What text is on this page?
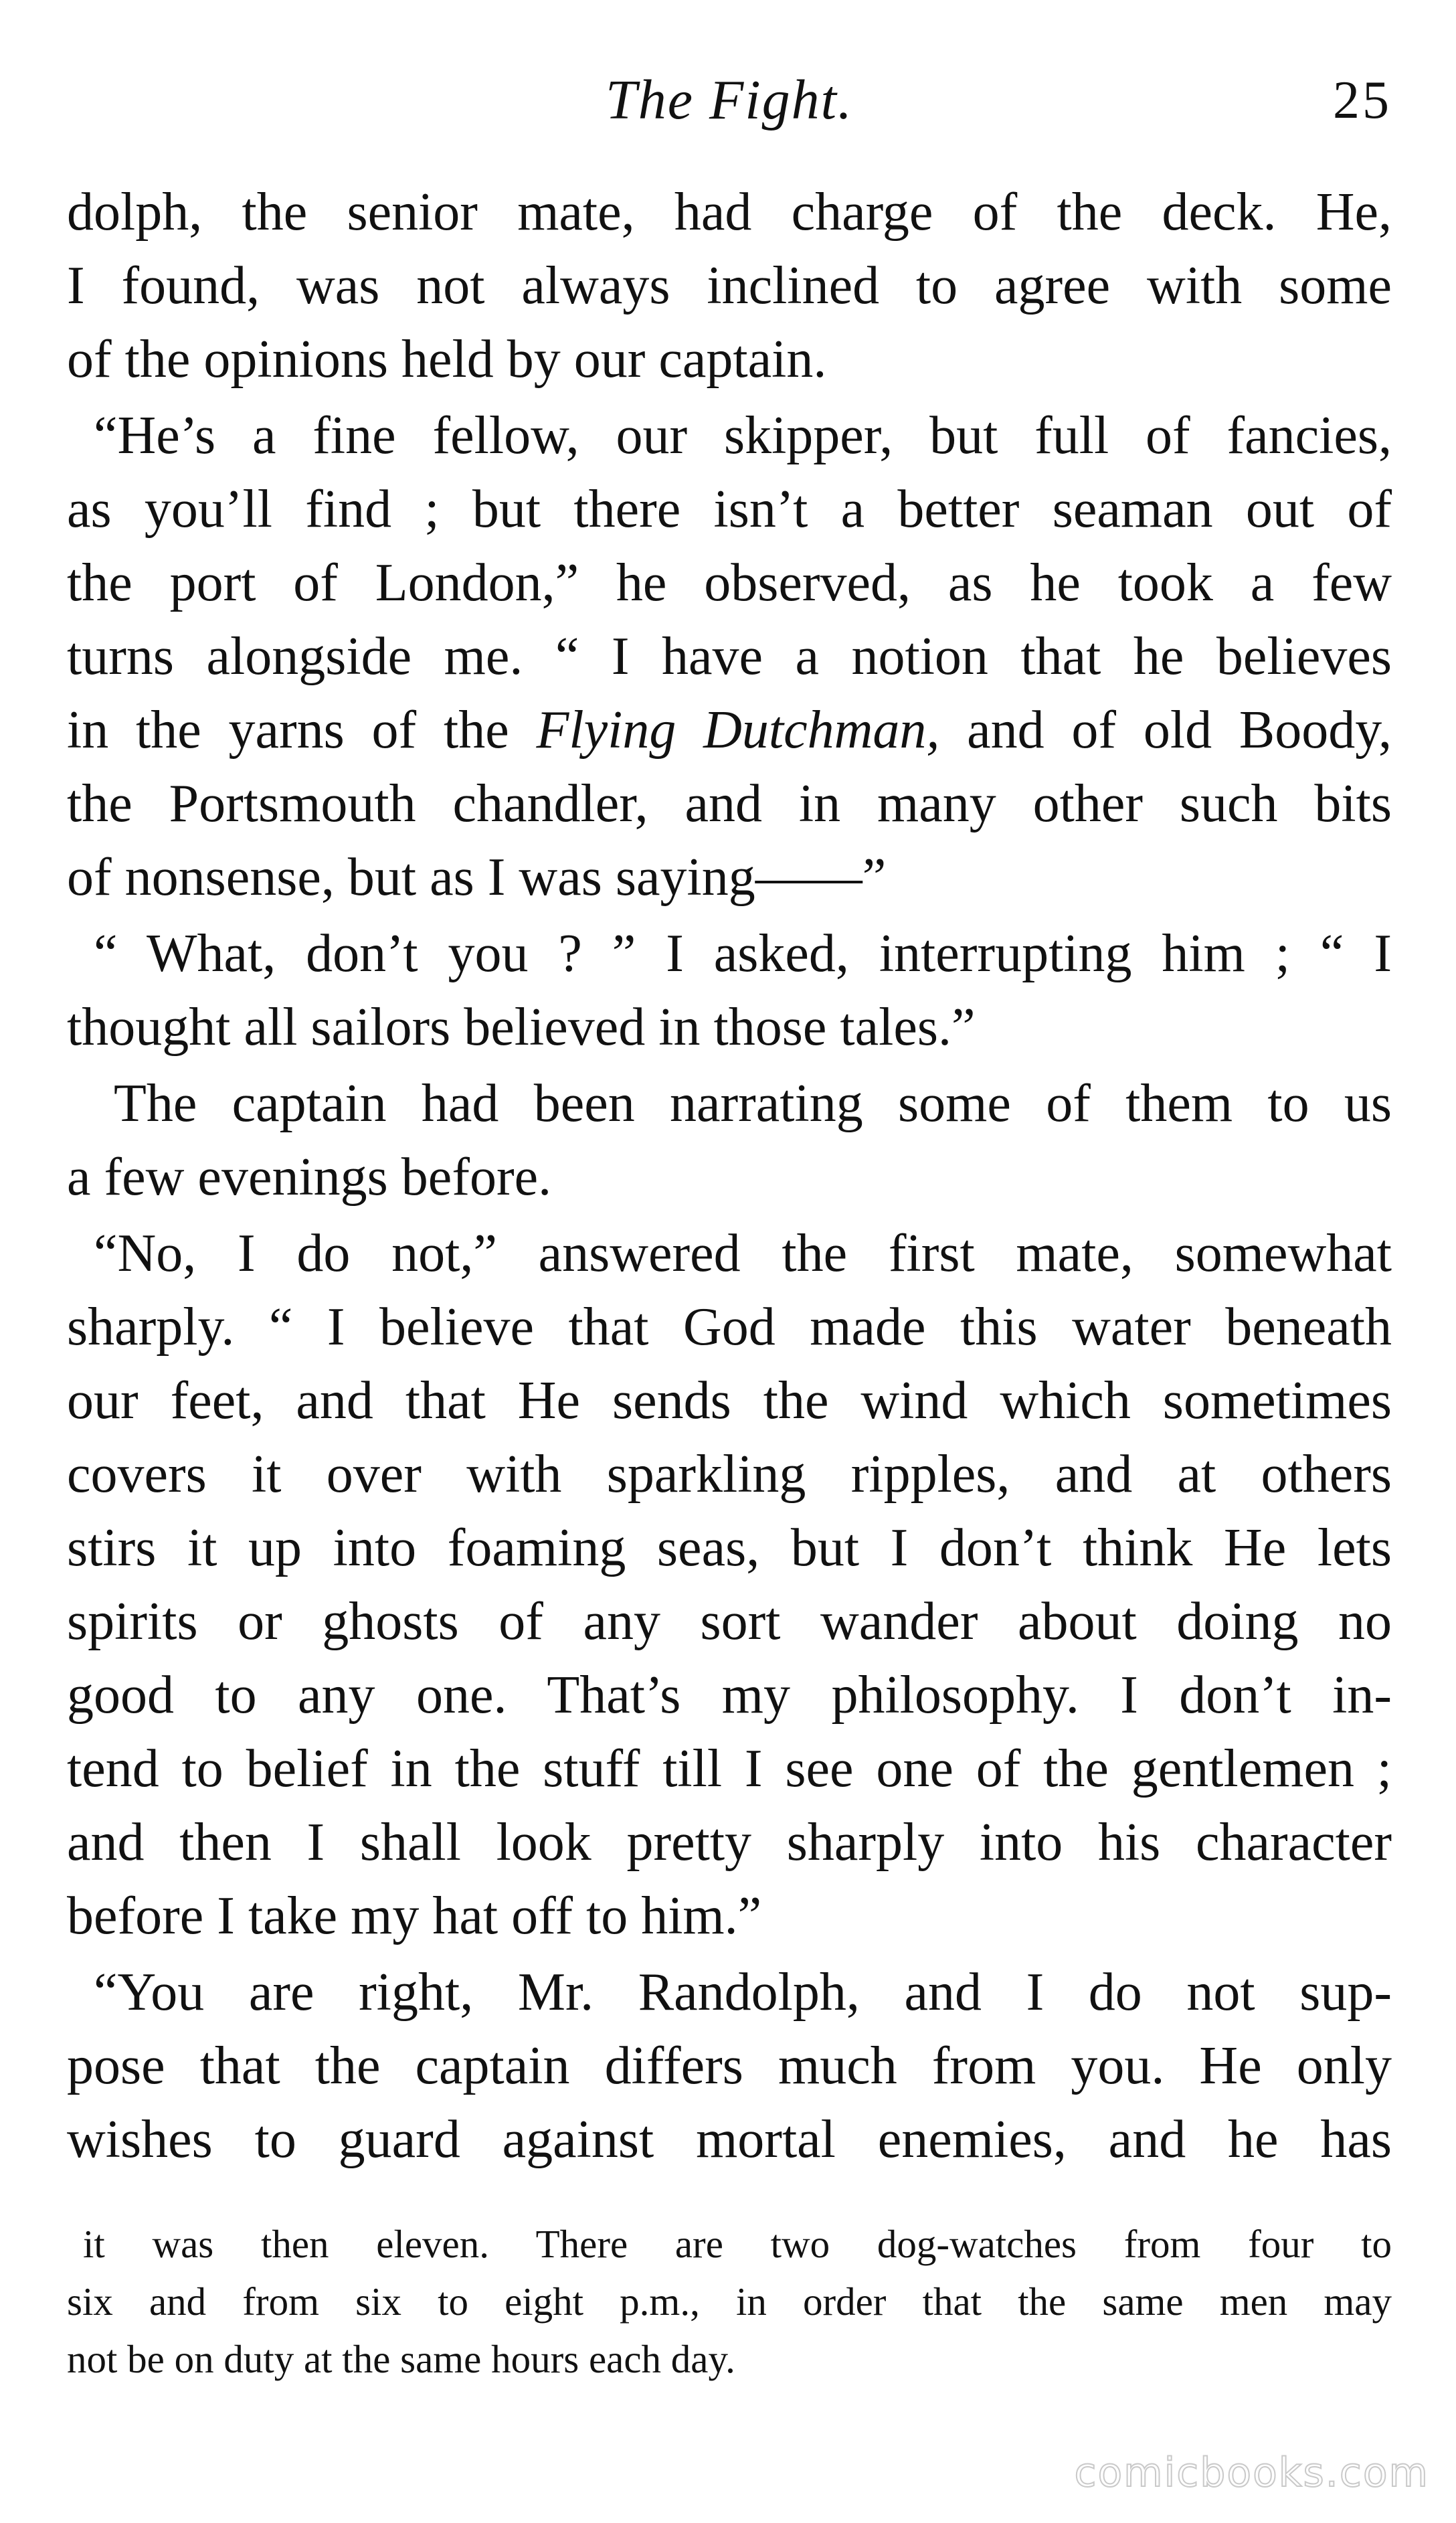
The Fight.	25
dolph, the senior mate, had charge of the deck. He,
I found, was not always inclined to agree with some
of the opinions held by our captain.
“He’s a fine fellow, our skipper, but full of fancies,
as you’ll find ; but there isn’t a better seaman out of
the port of London,” he observed, as he took a few
turns alongside me. “ I have a notion that he believes
in the yarns of the Flying Dutchman, and of old Boody,
the Portsmouth chandler, and in many other such bits
of nonsense, but as I was saying——”
“ What, don’t you ? ” I asked, interrupting him ; “ I
thought all sailors believed in those tales.”
The captain had been narrating some of them to us
a few evenings before.
“No, I do not,” answered the first mate, somewhat
sharply. “ I believe that God made this water beneath
our feet, and that He sends the wind which sometimes
covers it over with sparkling ripples, and at others
stirs it up into foaming seas, but I don’t think He lets
spirits or ghosts of any sort wander about doing no
good to any one. That’s my philosophy. I don’t in-
tend to belief in the stuff till I see one of the gentlemen ;
and then I shall look pretty sharply into his character
before I take my hat off to him.”
“You are right, Mr. Randolph, and I do not sup-
pose that the captain differs much from you. He only
wishes to guard against mortal enemies, and he has
it was then eleven. There are two dog-watches from four to
six and from six to eight p.m., in order that the same men may
not be on duty at the same hours each day.
comicbooks.com
